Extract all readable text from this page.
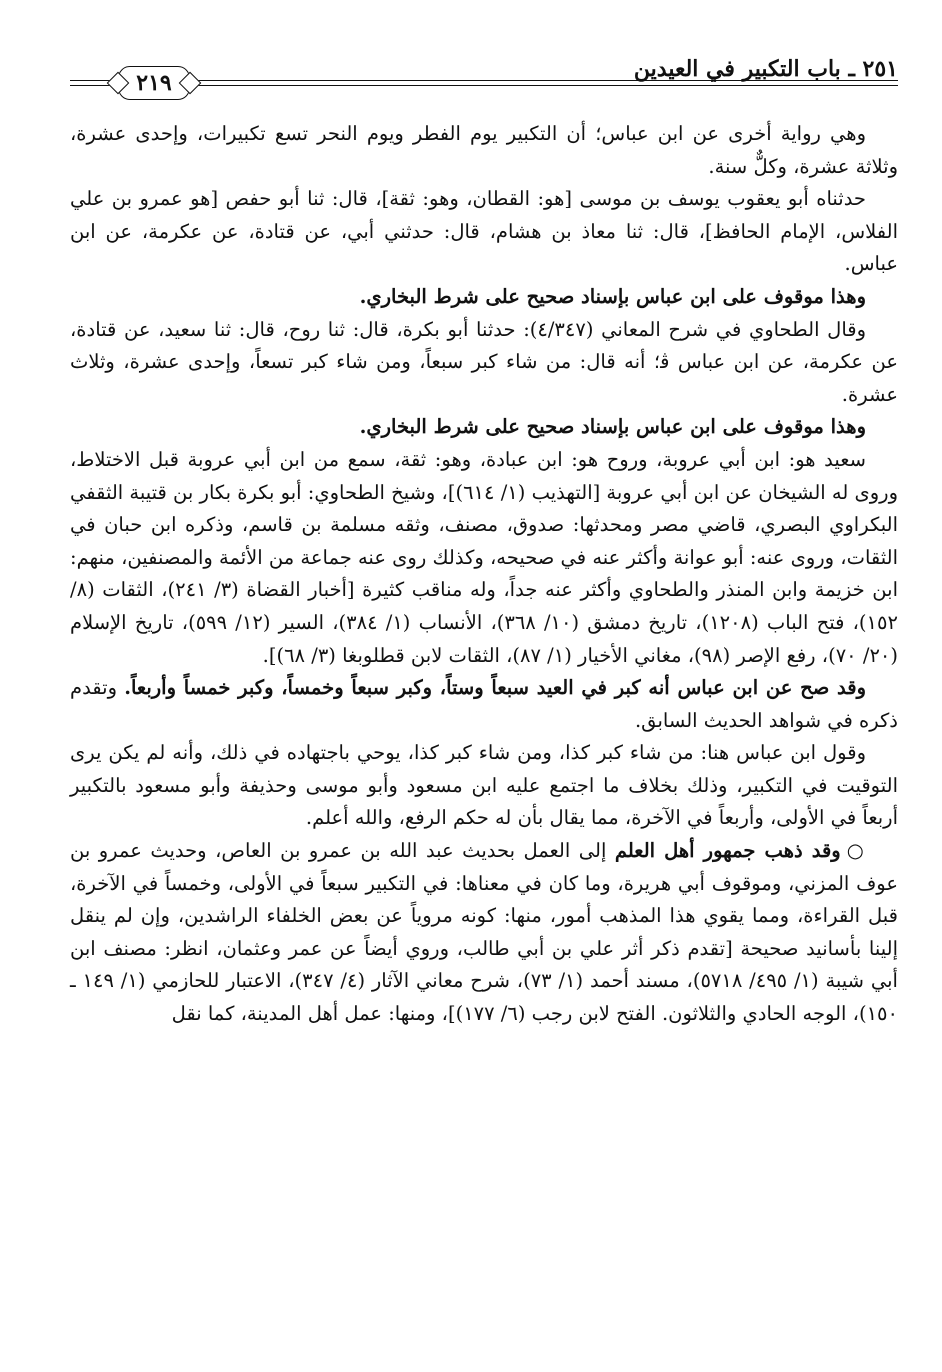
٢٥١ ـ باب التكبير في العيدين
٢١٩

وهي رواية أخرى عن ابن عباس؛ أن التكبير يوم الفطر ويوم النحر تسع تكبيرات، وإحدى عشرة، وثلاثة عشرة، وكلٌّ سنة.

حدثناه أبو يعقوب يوسف بن موسى [هو: القطان، وهو: ثقة]، قال: ثنا أبو حفص [هو عمرو بن علي الفلاس، الإمام الحافظ]، قال: ثنا معاذ بن هشام، قال: حدثني أبي، عن قتادة، عن عكرمة، عن ابن عباس.

وهذا موقوف على ابن عباس بإسناد صحيح على شرط البخاري.

وقال الطحاوي في شرح المعاني (٤/٣٤٧): حدثنا أبو بكرة، قال: ثنا روح، قال: ثنا سعيد، عن قتادة، عن عكرمة، عن ابن عباس ﭬ؛ أنه قال: من شاء كبر سبعاً، ومن شاء كبر تسعاً، وإحدى عشرة، وثلاث عشرة.

وهذا موقوف على ابن عباس بإسناد صحيح على شرط البخاري.

سعيد هو: ابن أبي عروبة، وروح هو: ابن عبادة، وهو: ثقة، سمع من ابن أبي عروبة قبل الاختلاط، وروى له الشيخان عن ابن أبي عروبة [التهذيب (١/ ٦١٤)]، وشيخ الطحاوي: أبو بكرة بكار بن قتيبة الثقفي البكراوي البصري، قاضي مصر ومحدثها: صدوق، مصنف، وثقه مسلمة بن قاسم، وذكره ابن حبان في الثقات، وروى عنه: أبو عوانة وأكثر عنه في صحيحه، وكذلك روى عنه جماعة من الأئمة والمصنفين، منهم: ابن خزيمة وابن المنذر والطحاوي وأكثر عنه جداً، وله مناقب كثيرة [أخبار القضاة (٣/ ٢٤١)، الثقات (٨/ ١٥٢)، فتح الباب (١٢٠٨)، تاريخ دمشق (١٠/ ٣٦٨)، الأنساب (١/ ٣٨٤)، السير (١٢/ ٥٩٩)، تاريخ الإسلام (٢٠/ ٧٠)، رفع الإصر (٩٨)، مغاني الأخيار (١/ ٨٧)، الثقات لابن قطلوبغا (٣/ ٦٨)].

وقد صح عن ابن عباس أنه كبر في العيد سبعاً وستاً، وكبر سبعاً وخمساً، وكبر خمساً وأربعاً. وتقدم ذكره في شواهد الحديث السابق.

وقول ابن عباس هنا: من شاء كبر كذا، ومن شاء كبر كذا، يوحي باجتهاده في ذلك، وأنه لم يكن يرى التوقيت في التكبير، وذلك بخلاف ما اجتمع عليه ابن مسعود وأبو موسى وحذيفة وأبو مسعود بالتكبير أربعاً في الأولى، وأربعاً في الآخرة، مما يقال بأن له حكم الرفع، والله أعلم.

○وقد ذهب جمهور أهل العلم إلى العمل بحديث عبد الله بن عمرو بن العاص، وحديث عمرو بن عوف المزني، وموقوف أبي هريرة، وما كان في معناها: في التكبير سبعاً في الأولى، وخمساً في الآخرة، قبل القراءة، ومما يقوي هذا المذهب أمور، منها: كونه مروياً عن بعض الخلفاء الراشدين، وإن لم ينقل إلينا بأسانيد صحيحة [تقدم ذكر أثر علي بن أبي طالب، وروي أيضاً عن عمر وعثمان، انظر: مصنف ابن أبي شيبة (١/ ٤٩٥/ ٥٧١٨)، مسند أحمد (١/ ٧٣)، شرح معاني الآثار (٤/ ٣٤٧)، الاعتبار للحازمي (١/ ١٤٩ ـ ١٥٠)، الوجه الحادي والثلاثون. الفتح لابن رجب (٦/ ١٧٧)]، ومنها: عمل أهل المدينة، كما نقل
